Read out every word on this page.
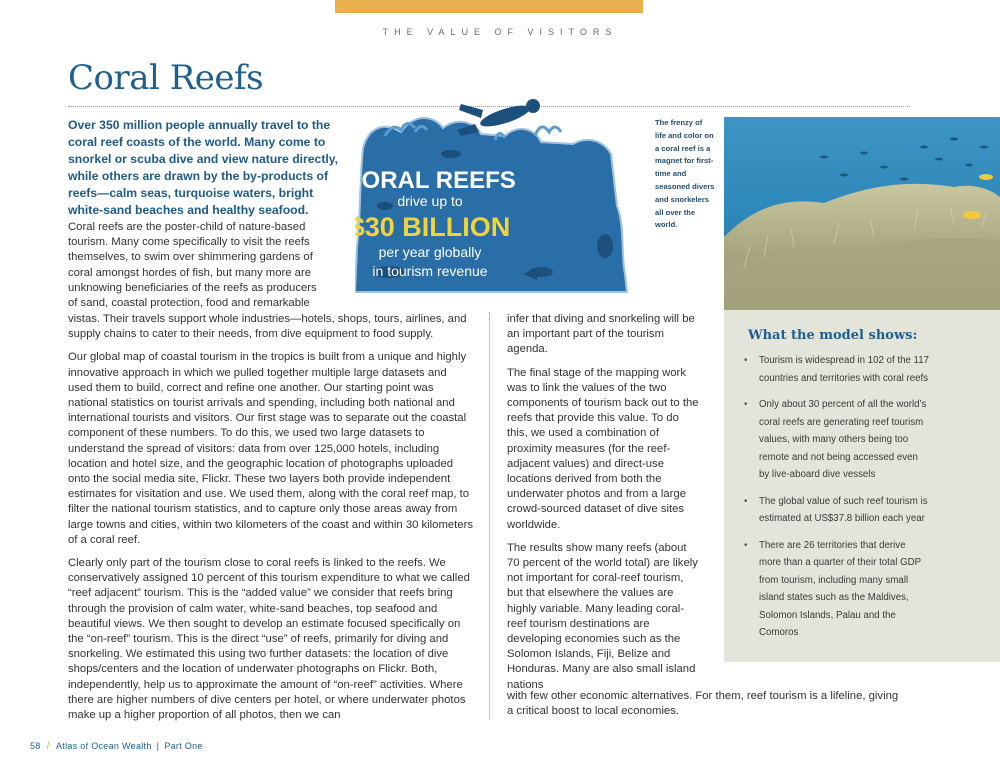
THE VALUE OF VISITORS
Coral Reefs
Over 350 million people annually travel to the coral reef coasts of the world. Many come to snorkel or scuba dive and view nature directly, while others are drawn by the by-products of reefs—calm seas, turquoise waters, bright white-sand beaches and healthy seafood.

Coral reefs are the poster-child of nature-based tourism. Many come specifically to visit the reefs themselves, to swim over shimmering gardens of coral amongst hordes of fish, but many more are unknowing beneficiaries of the reefs as producers of sand, coastal protection, food and remarkable

vistas. Their travels support whole industries—hotels, shops, tours, airlines, and supply chains to cater to their needs, from dive equipment to food supply.

Our global map of coastal tourism in the tropics is built from a unique and highly innovative approach in which we pulled together multiple large datasets and used them to build, correct and refine one another. Our starting point was national statistics on tourist arrivals and spending, including both national and international tourists and visitors. Our first stage was to separate out the coastal component of these numbers. To do this, we used two large datasets to understand the spread of visitors: data from over 125,000 hotels, including location and hotel size, and the geographic location of photographs uploaded onto the social media site, Flickr. These two layers both provide independent estimates for visitation and use. We used them, along with the coral reef map, to filter the national tourism statistics, and to capture only those areas away from large towns and cities, within two kilometers of the coast and within 30 kilometers of a coral reef.

Clearly only part of the tourism close to coral reefs is linked to the reefs. We conservatively assigned 10 percent of this tourism expenditure to what we called “reef adjacent” tourism. This is the “added value” we consider that reefs bring through the provision of calm water, white-sand beaches, top seafood and beautiful views. We then sought to develop an estimate focused specifically on the “on-reef” tourism. This is the direct “use” of reefs, primarily for diving and snorkeling. We estimated this using two further datasets: the location of dive shops/centers and the location of underwater photographs on Flickr. Both, independently, help us to approximate the amount of “on-reef” activities. Where there are higher numbers of dive centers per hotel, or where underwater photos make up a higher proportion of all photos, then we can

infer that diving and snorkeling will be an important part of the tourism agenda.

The final stage of the mapping work was to link the values of the two components of tourism back out to the reefs that provide this value. To do this, we used a combination of proximity measures (for the reef-adjacent values) and direct-use locations derived from both the underwater photos and from a large crowd-sourced dataset of dive sites worldwide.

The results show many reefs (about 70 percent of the world total) are likely not important for coral-reef tourism, but that elsewhere the values are highly variable. Many leading coral-reef tourism destinations are developing economies such as the Solomon Islands, Fiji, Belize and Honduras. Many are also small island nations

with few other economic alternatives. For them, reef tourism is a lifeline, giving a critical boost to local economies.

CORAL REEFS
drive up to
$30 BILLION
per year globally
in tourism revenue
The frenzy of life and color on a coral reef is a magnet for first-time and seasoned divers and snorkelers all over the world.
What the model shows:
• Tourism is widespread in 102 of the 117 countries and territories with coral reefs
• Only about 30 percent of all the world’s coral reefs are generating reef tourism values, with many others being too remote and not being accessed even by live-aboard dive vessels
• The global value of such reef tourism is estimated at US$37.8 billion each year
• There are 26 territories that derive more than a quarter of their total GDP from tourism, including many small island states such as the Maldives, Solomon Islands, Palau and the Comoros
58 / Atlas of Ocean Wealth | Part One
